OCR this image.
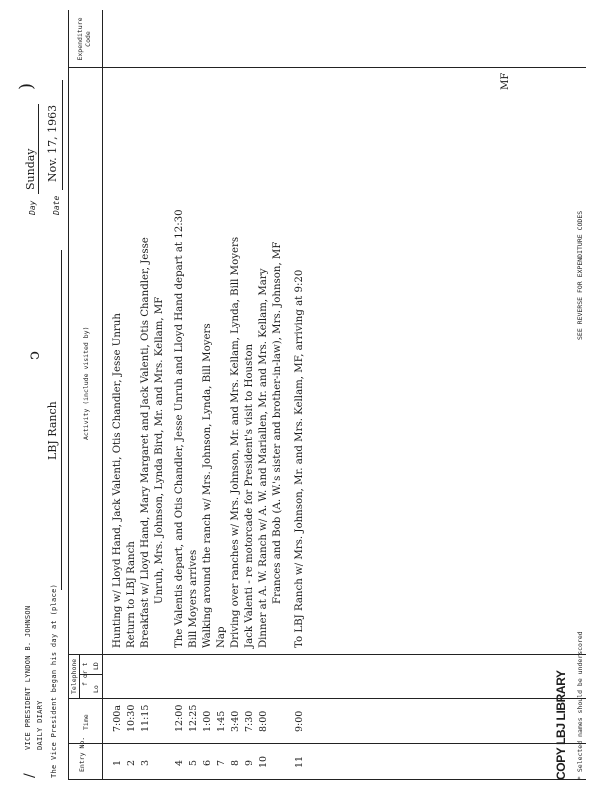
/
VICE PRESIDENT LYNDON B. JOHNSON DAILY DIARY The Vice President began his day at (place)
LBJ Ranch
Day
Sunday
)
Date
Nov. 17, 1963
ↄ
Entry No.
Time
Telephone f or t
Lo
LD
Activity (include visited by)
Expenditure Code
MF
1
7:00a
Hunting w/ Lloyd Hand, Jack Valenti, Otis Chandler, Jesse Unruh
2
10:30
Return to LBJ Ranch
3
11:15
Breakfast w/ Lloyd Hand, Mary Margaret and Jack Valenti, Otis Chandler, Jesse Unruh, Mrs. Johnson, Lynda Bird, Mr. and Mrs. Kellam, MF
4
12:00
The Valentis depart, and Otis Chandler, Jesse Unruh and Lloyd Hand depart at 12:30
5
12:25
Bill Moyers arrives
6
1:00
Walking around the ranch w/ Mrs. Johnson, Lynda, Bill Moyers
7
1:45
Nap
8
3:40
Driving over ranches w/ Mrs. Johnson, Mr. and Mrs. Kellam, Lynda, Bill Moyers
9
7:30
Jack Valenti - re motorcade for President's visit to Houston
10
8:00
Dinner at A. W. Ranch w/ A. W. and Mariallen, Mr. and Mrs. Kellam, Mary Frances and Bob (A. W.'s sister and brother-in-law), Mrs. Johnson, MF
11
9:00
To LBJ Ranch w/ Mrs. Johnson, Mr. and Mrs. Kellam, MF, arriving at 9:20
* Selected names should be underscored
SEE REVERSE FOR EXPENDITURE CODES
COPY LBJ LIBRARY
